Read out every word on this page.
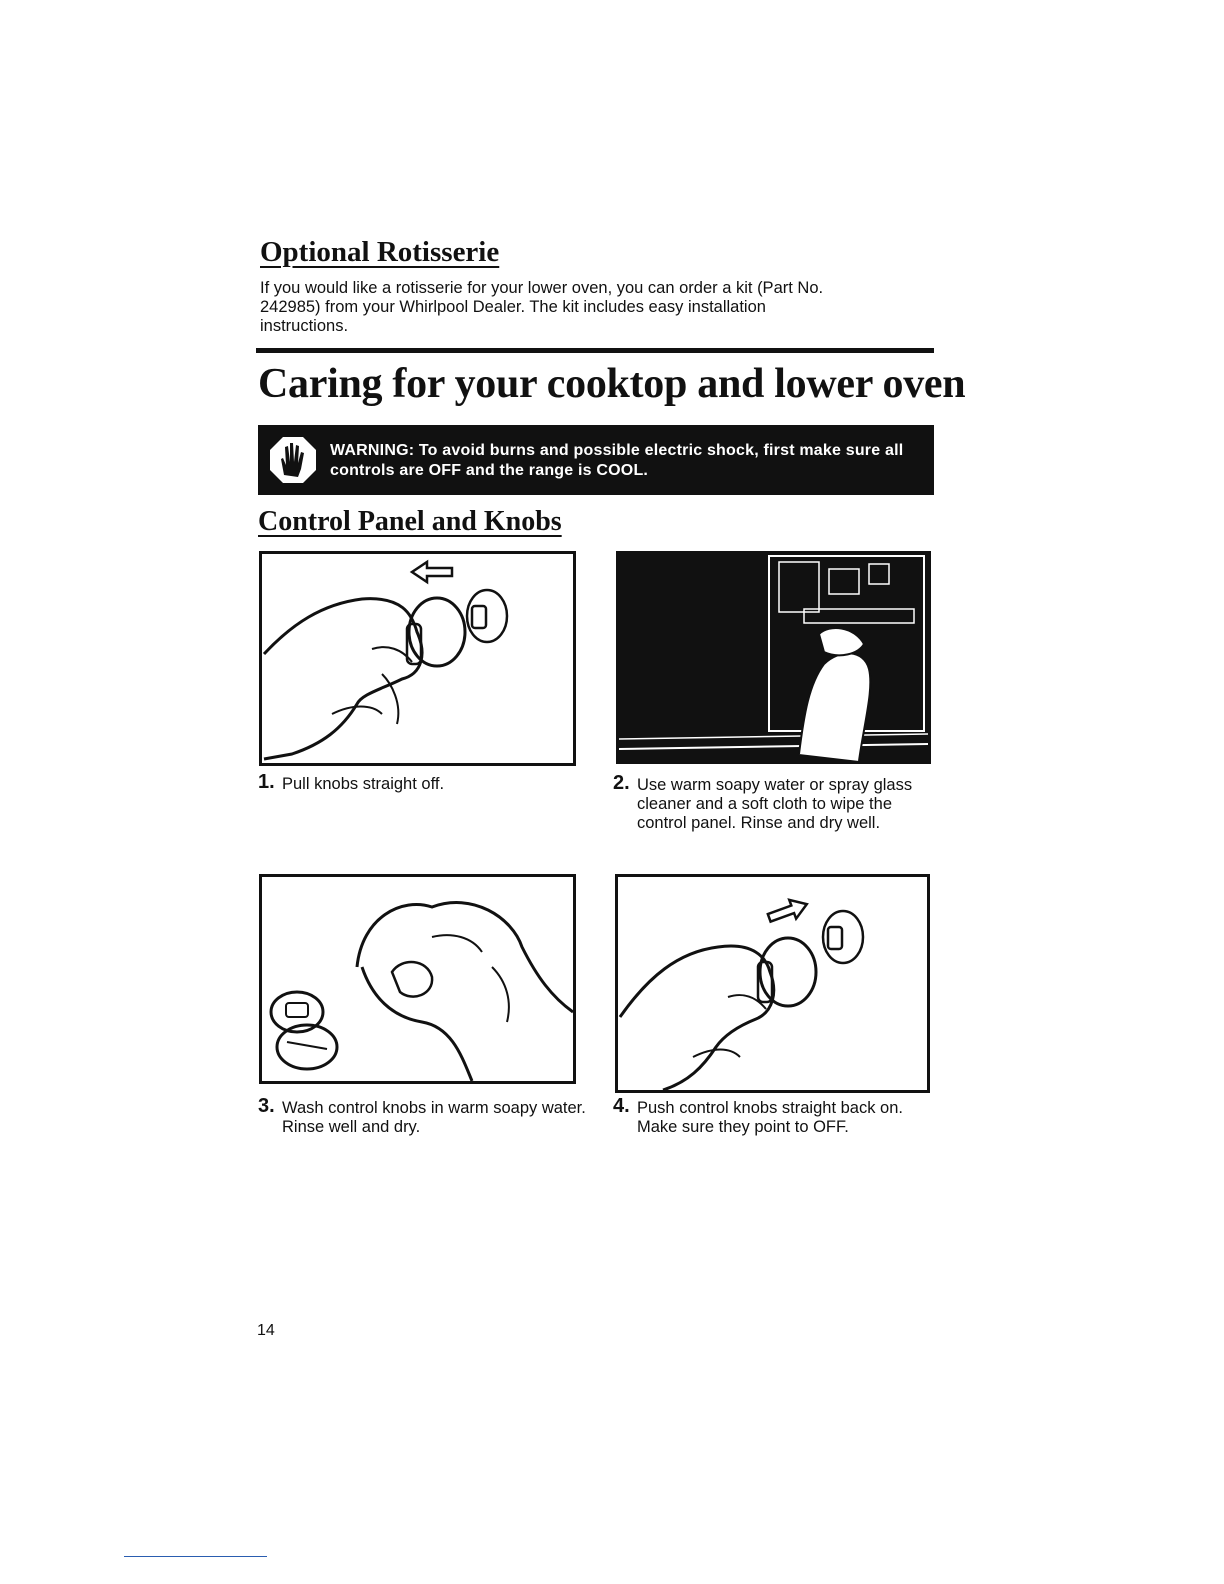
Optional Rotisserie
If you would like a rotisserie for your lower oven, you can order a kit (Part No. 242985) from your Whirlpool Dealer. The kit includes easy installation instructions.
Caring for your cooktop and lower oven
WARNING: To avoid burns and possible electric shock, first make sure all controls are OFF and the range is COOL.
Control Panel and Knobs
1. Pull knobs straight off.	2. Use warm soapy water or spray glass cleaner and a soft cloth to wipe the control panel. Rinse and dry well.
3. Wash control knobs in warm soapy water. Rinse well and dry.
4. Push control knobs straight back on. Make sure they point to OFF.
14
